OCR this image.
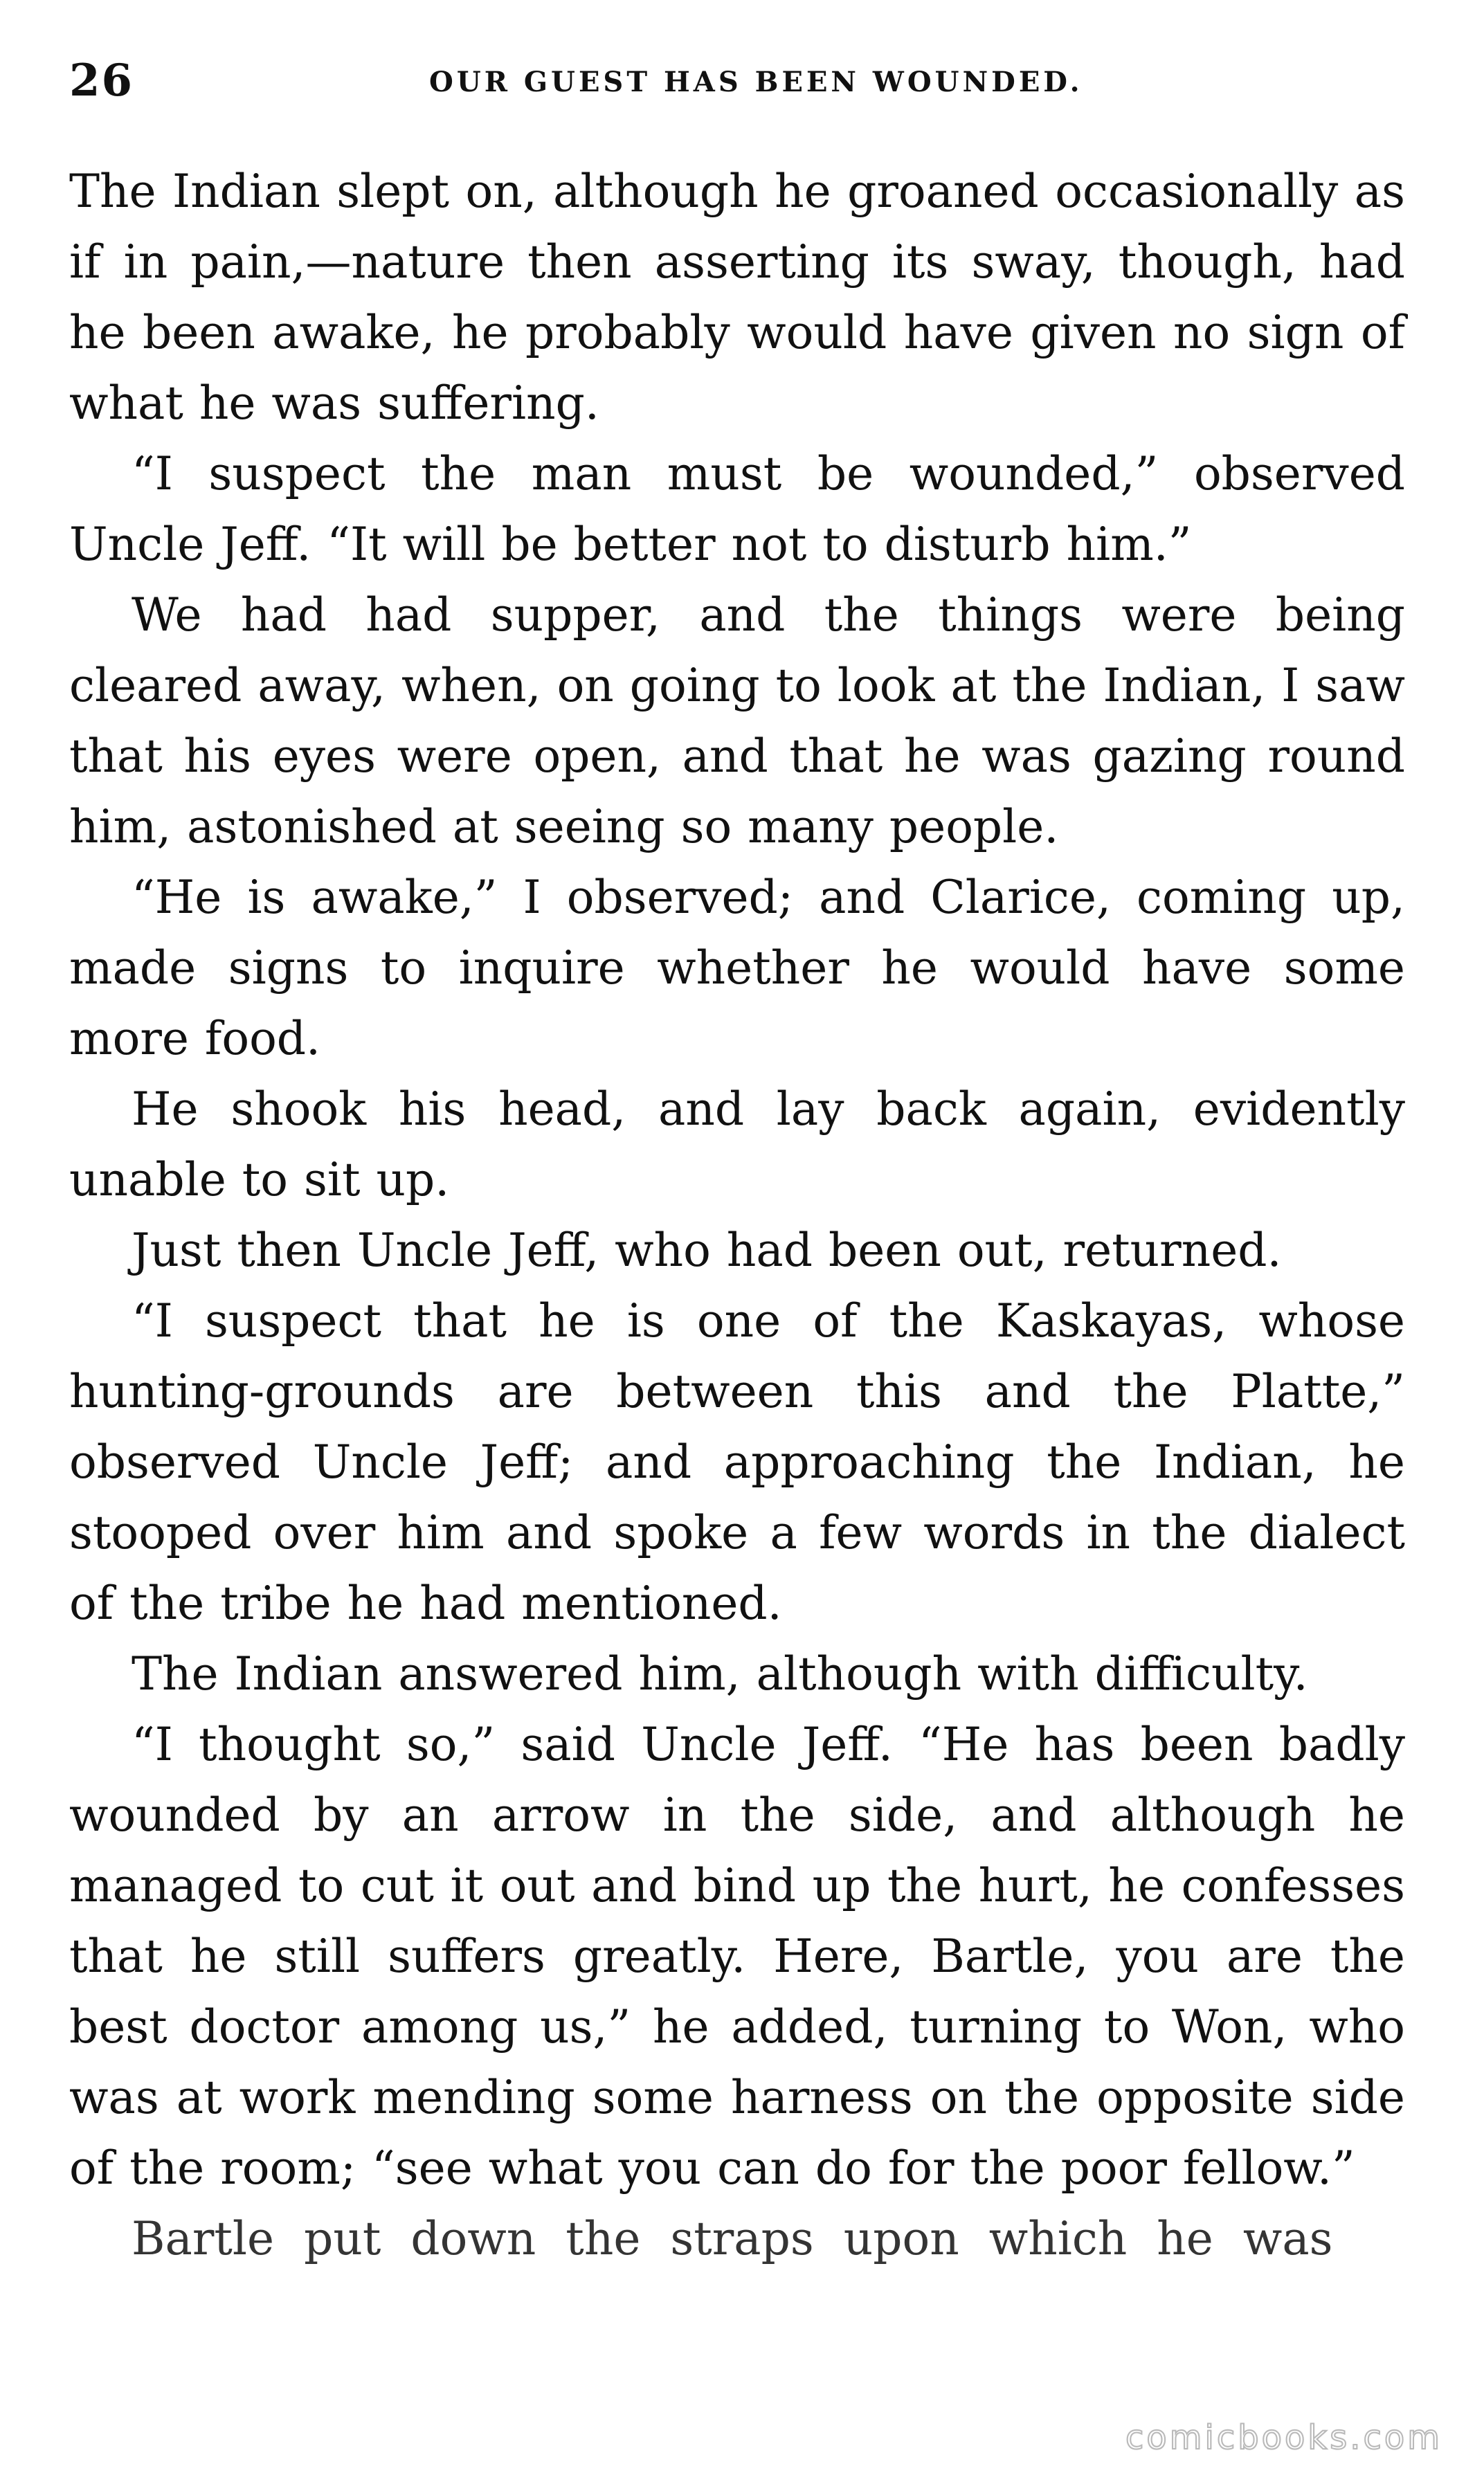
26	OUR GUEST HAS BEEN WOUNDED.

The Indian slept on, although he groaned occasionally as if in pain,—nature then asserting its sway, though, had he been awake, he probably would have given no sign of what he was suffering.

“I suspect the man must be wounded,” observed Uncle Jeff. “It will be better not to disturb him.”

We had had supper, and the things were being cleared away, when, on going to look at the Indian, I saw that his eyes were open, and that he was gazing round him, astonished at seeing so many people.

“He is awake,” I observed; and Clarice, coming up, made signs to inquire whether he would have some more food.

He shook his head, and lay back again, evidently unable to sit up.

Just then Uncle Jeff, who had been out, returned.

“I suspect that he is one of the Kaskayas, whose hunting-grounds are between this and the Platte,” observed Uncle Jeff; and approaching the Indian, he stooped over him and spoke a few words in the dialect of the tribe he had mentioned.

The Indian answered him, although with difficulty.

“I thought so,” said Uncle Jeff. “He has been badly wounded by an arrow in the side, and although he managed to cut it out and bind up the hurt, he confesses that he still suffers greatly. Here, Bartle, you are the best doctor among us,” he added, turning to Won, who was at work mending some harness on the opposite side of the room; “see what you can do for the poor fellow.”

Bartle put down the straps upon which he was

comicbooks.com
